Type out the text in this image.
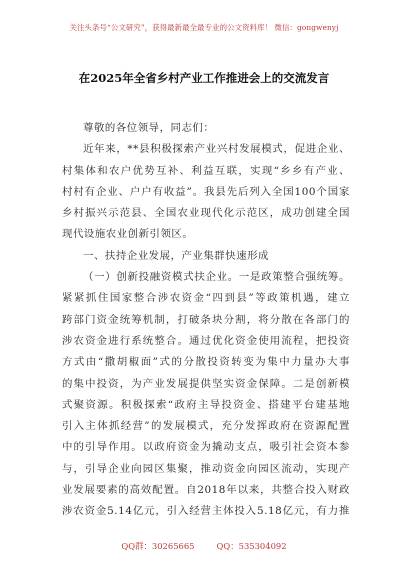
关注头条号“公文研究”，获得最新最全最专业的公文资料库！ 微信：gongwenyj
在2025年全省乡村产业工作推进会上的交流发言
尊敬的各位领导，同志们：
近年来，**县积极探索产业兴村发展模式，促进企业、
村集体和农户优势互补、利益互联，实现“乡乡有产业、
村村有企业、户户有收益”。我县先后列入全国100个国家
乡村振兴示范县、全国农业现代化示范区，成功创建全国
现代设施农业创新引领区。
一、扶持企业发展，产业集群快速形成
（一）创新投融资模式扶企业。一是政策整合强统筹。
紧紧抓住国家整合涉农资金“四到县”等政策机遇，建立
跨部门资金统筹机制，打破条块分割，将分散在各部门的
涉农资金进行系统整合。通过优化资金使用流程，把投资
方式由“撒胡椒面”式的分散投资转变为集中力量办大事
的集中投资，为产业发展提供坚实资金保障。二是创新模
式聚资源。积极探索“政府主导投资金、搭建平台建基地
引入主体抓经营”的发展模式，充分发挥政府在资源配置
中的引导作用。以政府资金为撬动支点，吸引社会资本参
与，引导企业向园区集聚，推动资金向园区流动，实现产
业发展要素的高效配置。自2018年以来，共整合投入财政
涉农资金5.14亿元，引入经营主体投入5.18亿元，有力推
QQ群：30265665	QQ：535304092
